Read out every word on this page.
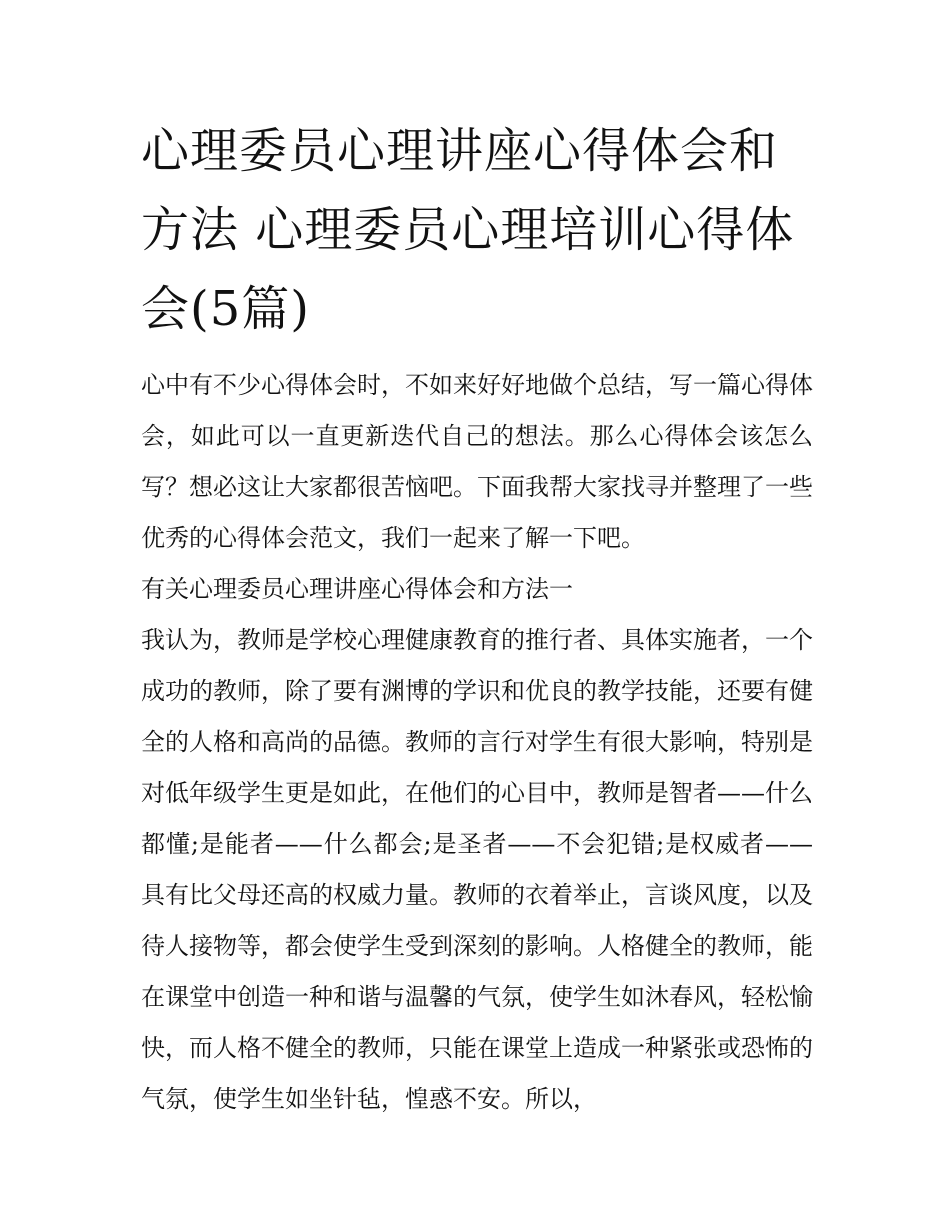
心理委员心理讲座心得体会和方法 心理委员心理培训心得体会(5篇)

心中有不少心得体会时，不如来好好地做个总结，写一篇心得体会，如此可以一直更新迭代自己的想法。那么心得体会该怎么写？想必这让大家都很苦恼吧。下面我帮大家找寻并整理了一些优秀的心得体会范文，我们一起来了解一下吧。

有关心理委员心理讲座心得体会和方法一

我认为，教师是学校心理健康教育的推行者、具体实施者，一个成功的教师，除了要有渊博的学识和优良的教学技能，还要有健全的人格和高尚的品德。教师的言行对学生有很大影响，特别是对低年级学生更是如此，在他们的心目中，教师是智者——什么都懂;是能者——什么都会;是圣者——不会犯错;是权威者——具有比父母还高的权威力量。教师的衣着举止，言谈风度，以及待人接物等，都会使学生受到深刻的影响。人格健全的教师，能在课堂中创造一种和谐与温馨的气氛，使学生如沐春风，轻松愉快，而人格不健全的教师，只能在课堂上造成一种紧张或恐怖的气氛，使学生如坐针毡，惶惑不安。所以，
